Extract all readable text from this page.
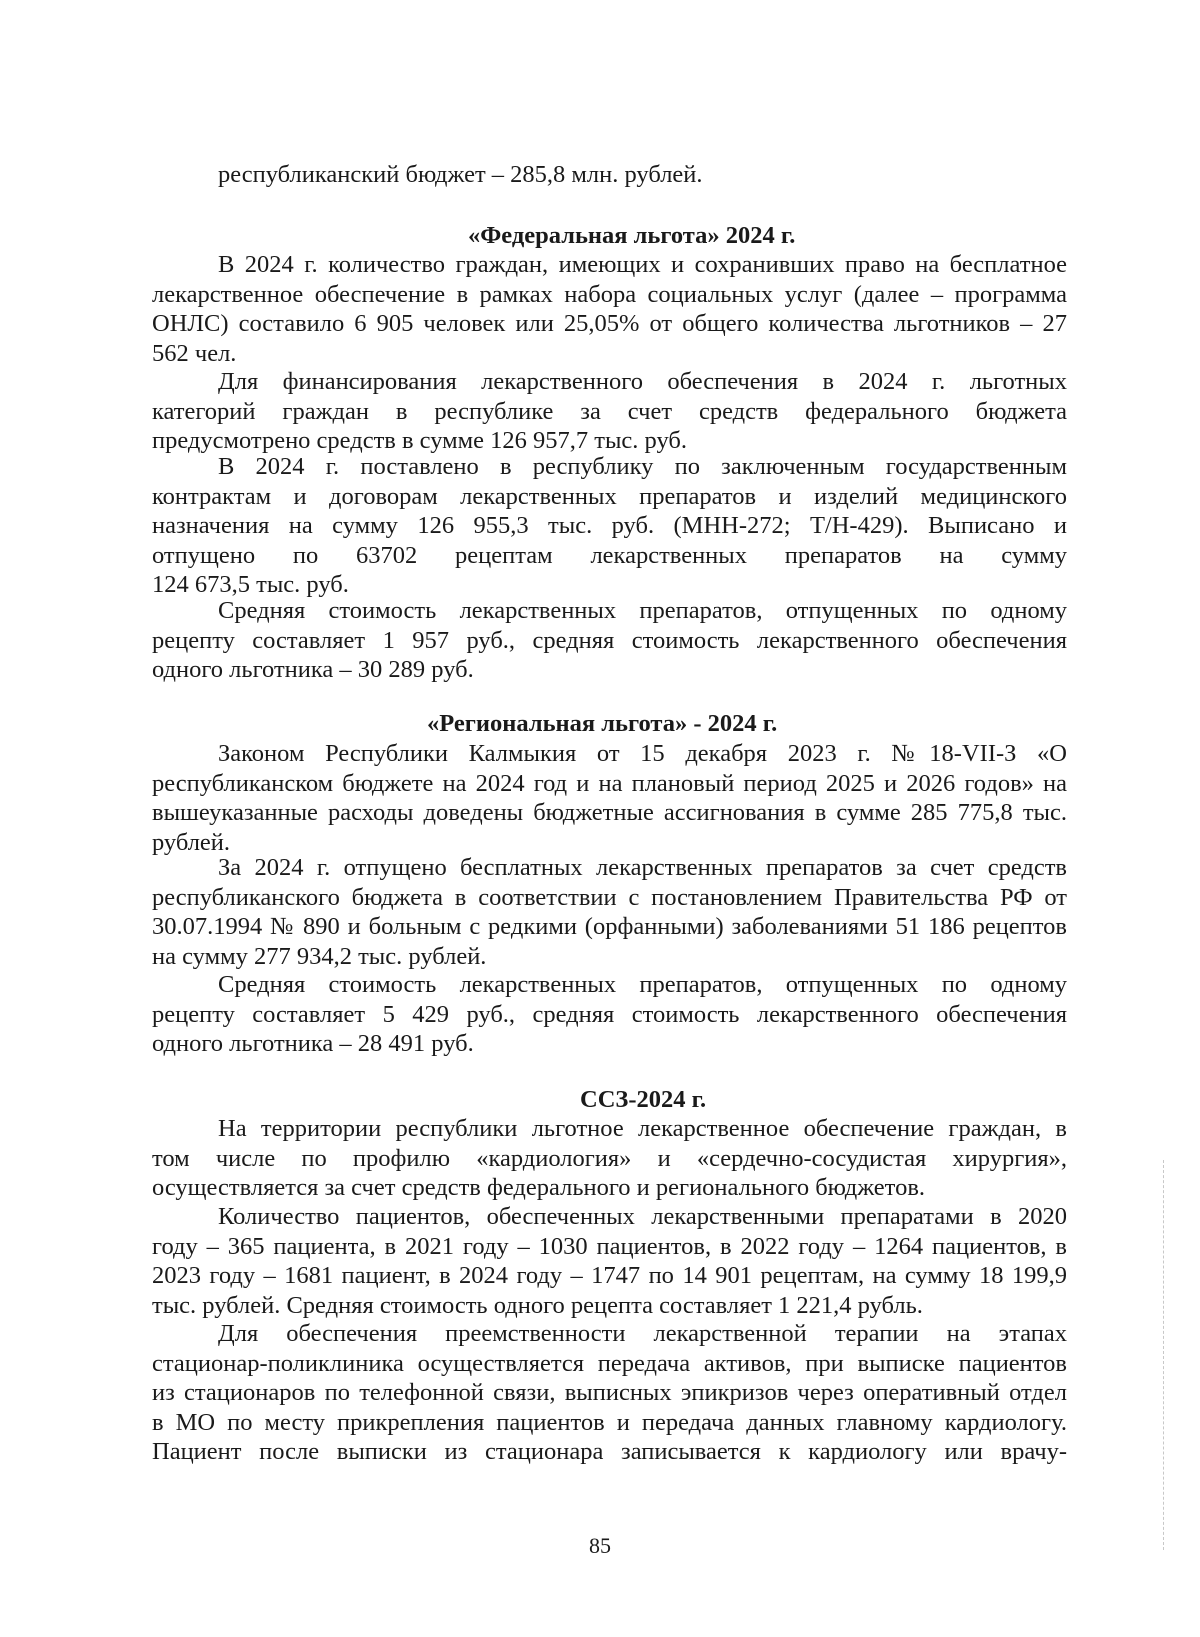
республиканский бюджет – 285,8 млн. рублей.
«Федеральная льгота» 2024 г.
В 2024 г. количество граждан, имеющих и сохранивших право на бесплатное
лекарственное обеспечение в рамках набора социальных услуг (далее – программа
ОНЛС) составило 6 905 человек или 25,05% от общего количества льготников – 27
562 чел.
Для финансирования лекарственного обеспечения в 2024 г. льготных
категорий граждан в республике за счет средств федерального бюджета
предусмотрено средств в сумме 126 957,7 тыс. руб.
В 2024 г. поставлено в республику по заключенным государственным
контрактам и договорам лекарственных препаратов и изделий медицинского
назначения на сумму 126 955,3 тыс. руб. (МНН-272; Т/Н-429). Выписано и
отпущено по 63702 рецептам лекарственных препаратов на сумму
124 673,5 тыс. руб.
Средняя стоимость лекарственных препаратов, отпущенных по одному
рецепту составляет 1 957 руб., средняя стоимость лекарственного обеспечения
одного льготника – 30 289 руб.
«Региональная льгота» - 2024 г.
Законом Республики Калмыкия от 15 декабря 2023 г. №18-VII-З «О
республиканском бюджете на 2024 год и на плановый период 2025 и 2026 годов» на
вышеуказанные расходы доведены бюджетные ассигнования в сумме 285 775,8 тыс.
рублей.
За 2024 г. отпущено бесплатных лекарственных препаратов за счет средств
республиканского бюджета в соответствии с постановлением Правительства РФ от
30.07.1994 № 890 и больным с редкими (орфанными) заболеваниями 51 186 рецептов
на сумму 277 934,2 тыс. рублей.
Средняя стоимость лекарственных препаратов, отпущенных по одному
рецепту составляет 5 429 руб., средняя стоимость лекарственного обеспечения
одного льготника – 28 491 руб.
ССЗ-2024 г.
На территории республики льготное лекарственное обеспечение граждан, в
том числе по профилю «кардиология» и «сердечно-сосудистая хирургия»,
осуществляется за счет средств федерального и регионального бюджетов.
Количество пациентов, обеспеченных лекарственными препаратами в 2020
году – 365 пациента, в 2021 году – 1030 пациентов, в 2022 году – 1264 пациентов, в
2023 году – 1681 пациент, в 2024 году – 1747 по 14 901 рецептам, на сумму 18 199,9
тыс. рублей. Средняя стоимость одного рецепта составляет 1 221,4 рубль.
Для обеспечения преемственности лекарственной терапии на этапах
стационар-поликлиника осуществляется передача активов, при выписке пациентов
из стационаров по телефонной связи, выписных эпикризов через оперативный отдел
в МО по месту прикрепления пациентов и передача данных главному кардиологу.
Пациент после выписки из стационара записывается к кардиологу или врачу-
85
